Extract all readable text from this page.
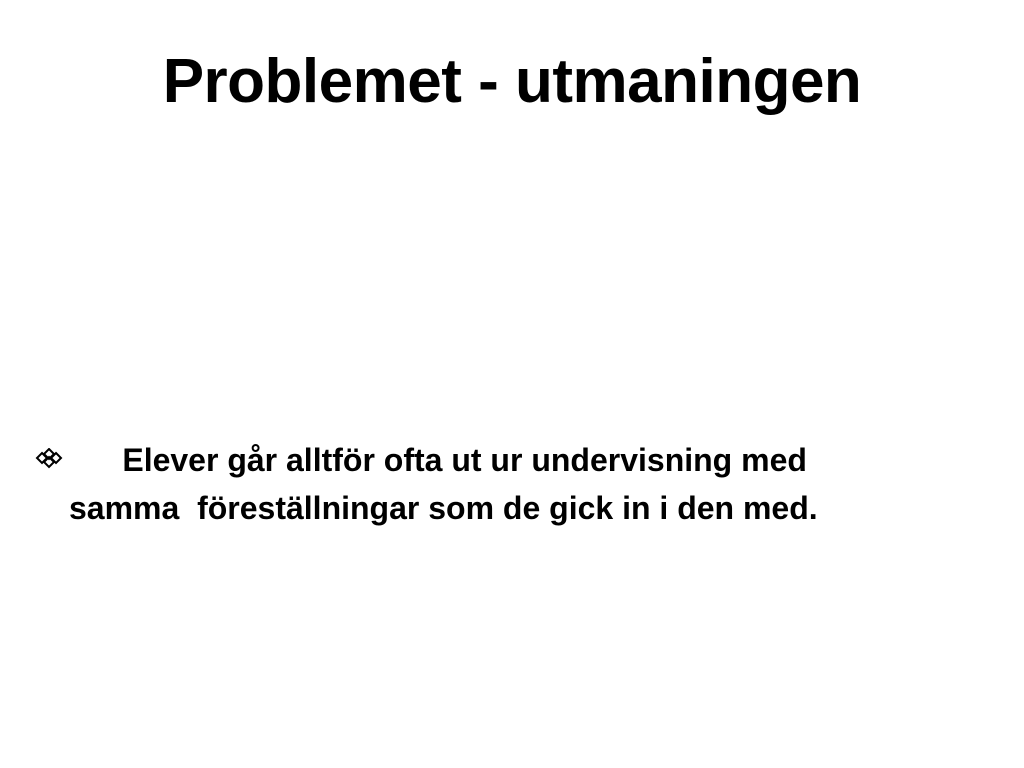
Problemet - utmaningen

Elever går alltför ofta ut ur undervisning med
samma  föreställningar som de gick in i den med.
